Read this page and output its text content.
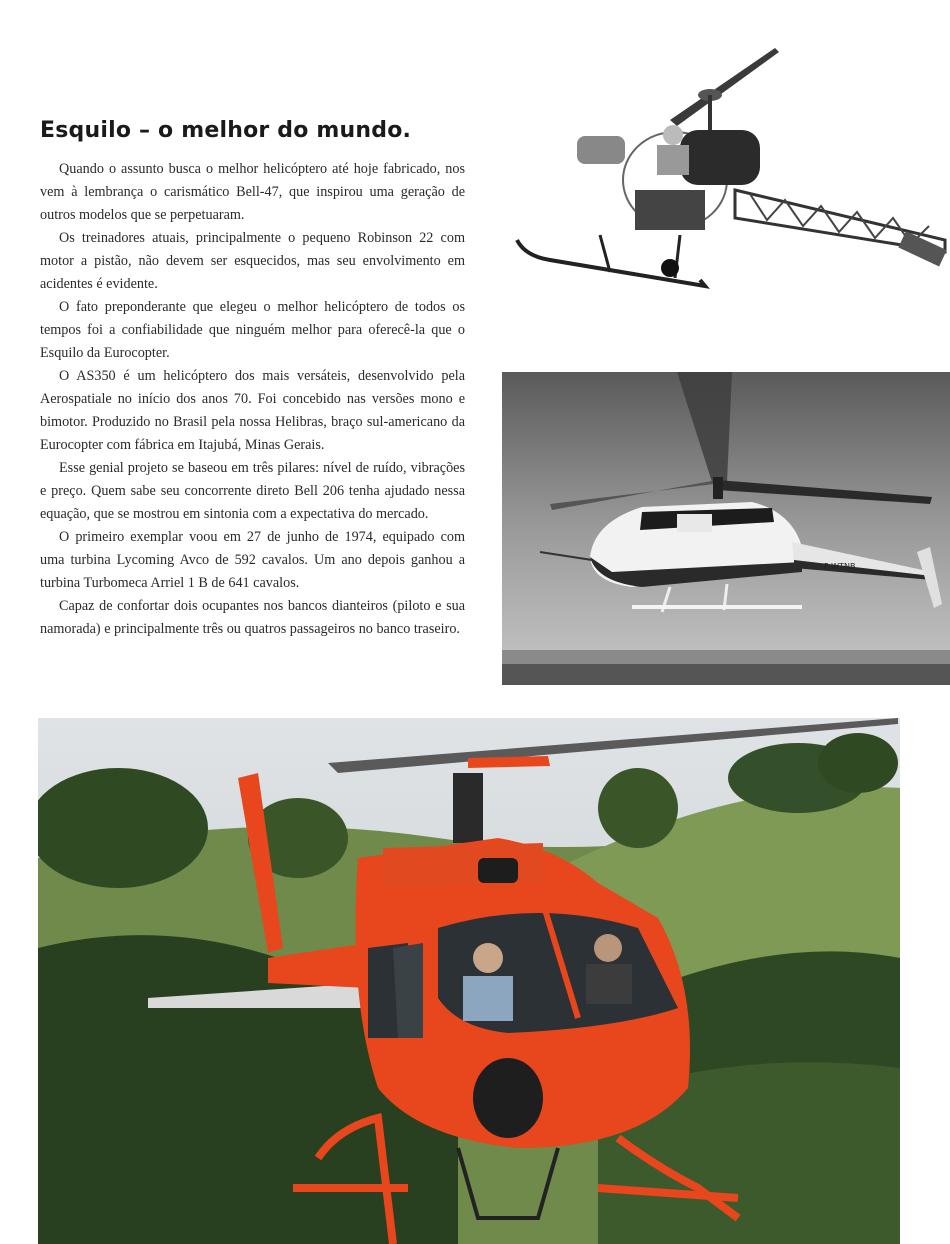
Esquilo – o melhor do mundo.

Quando o assunto busca o melhor helicóptero até hoje fabricado, nos vem à lembrança o carismático Bell-47, que inspirou uma geração de outros modelos que se perpetuaram.

Os treinadores atuais, principalmente o pequeno Robinson 22 com motor a pistão, não devem ser esquecidos, mas seu envolvimento em acidentes é evidente.

O fato preponderante que elegeu o melhor helicóptero de todos os tempos foi a confiabilidade que ninguém melhor para oferecê-la que o Esquilo da Eurocopter.

O AS350 é um helicóptero dos mais versáteis, desenvolvido pela Aerospatiale no início dos anos 70. Foi concebido nas versões mono e bimotor. Produzido no Brasil pela nossa Helibras, braço sul-americano da Eurocopter com fábrica em Itajubá, Minas Gerais.

Esse genial projeto se baseou em três pilares: nível de ruído, vibrações e preço. Quem sabe seu concorrente direto Bell 206 tenha ajudado nessa equação, que se mostrou em sintonia com a expectativa do mercado.

O primeiro exemplar voou em 27 de junho de 1974, equipado com uma turbina Lycoming Avco de 592 cavalos. Um ano depois ganhou a turbina Turbomeca Arriel 1 B de 641 cavalos.

Capaz de confortar dois ocupantes nos bancos dianteiros (piloto e sua namorada) e principalmente três ou quatros passageiros no banco traseiro.

F-WTNB
